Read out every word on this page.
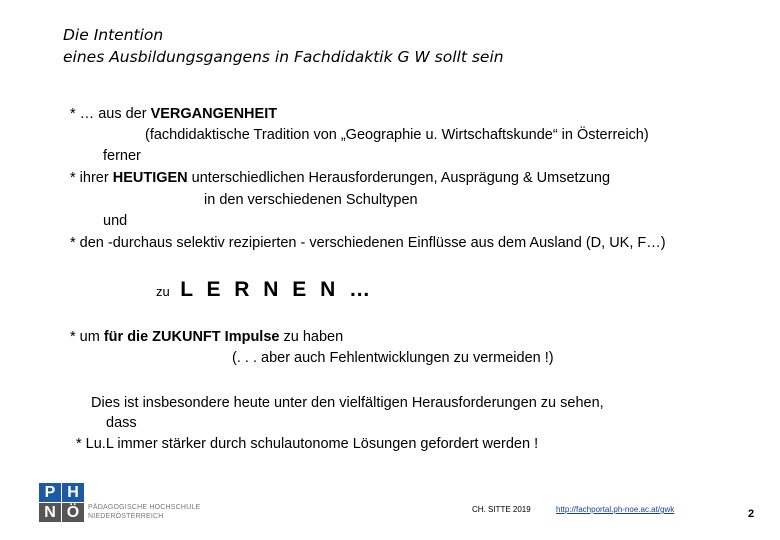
Die Intention
eines Ausbildungsgangens in Fachdidaktik G W sollt sein
* … aus der VERGANGENHEIT
(fachdidaktische Tradition von „Geographie u. Wirtschaftskunde“ in Österreich)
ferner
* ihrer HEUTIGEN unterschiedlichen Herausforderungen, Ausprägung & Umsetzung
in den verschiedenen Schultypen
und
* den -durchaus selektiv rezipierten - verschiedenen Einflüsse aus dem Ausland (D, UK, F…)
zu L E R N E N …
* um für die ZUKUNFT Impulse zu haben
(. . . aber auch Fehlentwicklungen zu vermeiden !)
Dies ist insbesondere heute unter den vielfältigen Herausforderungen zu sehen,
dass
* Lu.L immer stärker durch schulautonome Lösungen gefordert werden !
P H
N Ö	PÄDAGOGISCHE HOCHSCHULE
NIEDERÖSTERREICH
CH. SITTE 2019	http://fachportal.ph-noe.ac.at/gwk	2
